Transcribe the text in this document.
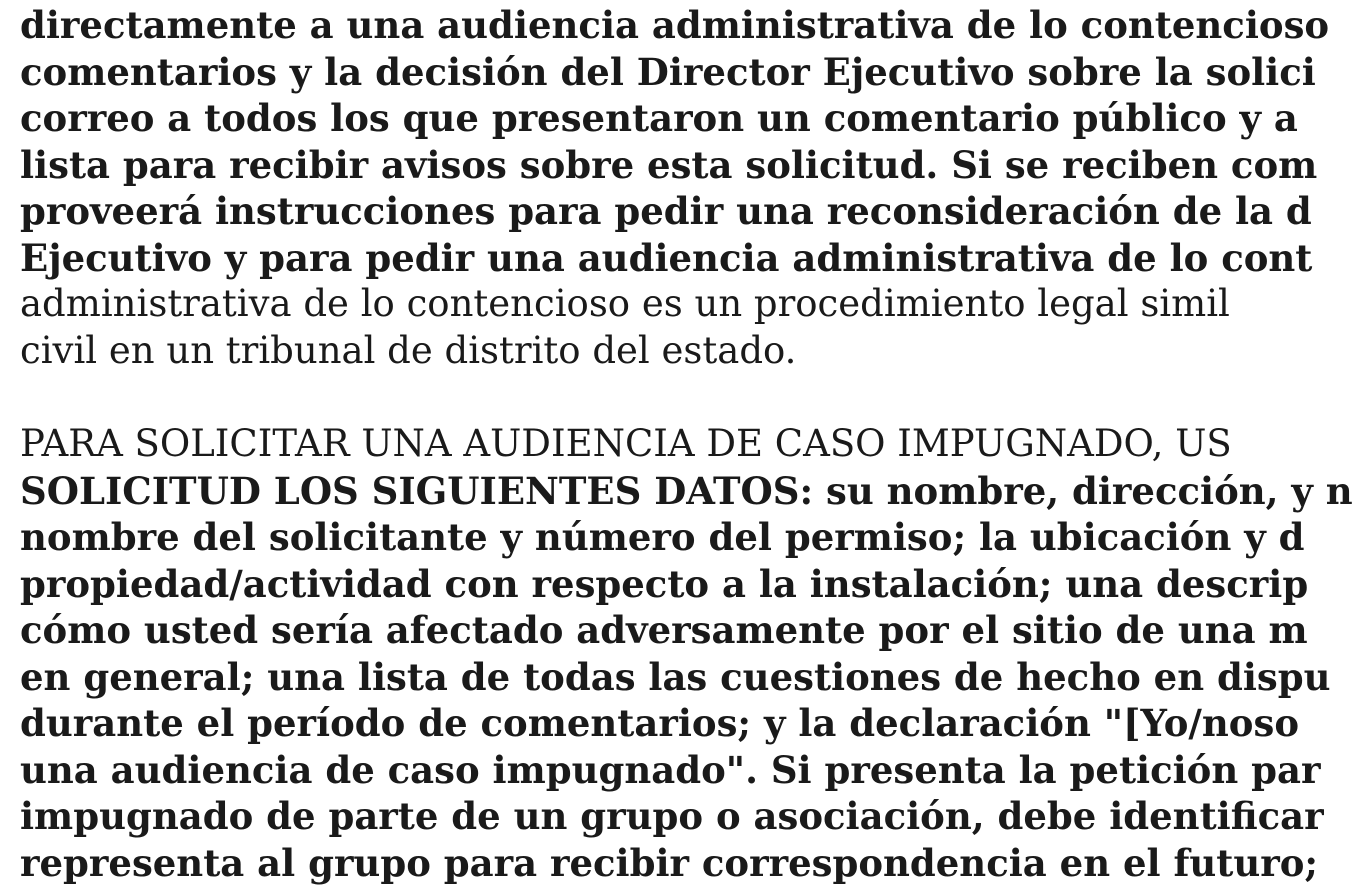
directamente a una audiencia administrativa de lo contencioso
comentarios y la decisión del Director Ejecutivo sobre la solici
correo a todos los que presentaron un comentario público y a
lista para recibir avisos sobre esta solicitud. Si se reciben com
proveerá instrucciones para pedir una reconsideración de la d
Ejecutivo y para pedir una audiencia administrativa de lo cont
administrativa de lo contencioso es un procedimiento legal simil
civil en un tribunal de distrito del estado.
PARA SOLICITAR UNA AUDIENCIA DE CASO IMPUGNADO, US
SOLICITUD LOS SIGUIENTES DATOS: su nombre, dirección, y n
nombre del solicitante y número del permiso; la ubicación y d
propiedad/actividad con respecto a la instalación; una descrip
cómo usted sería afectado adversamente por el sitio de una m
en general; una lista de todas las cuestiones de hecho en dispu
durante el período de comentarios; y la declaración "[Yo/noso
una audiencia de caso impugnado". Si presenta la petición par
impugnado de parte de un grupo o asociación, debe identificar
representa al grupo para recibir correspondencia en el futuro;
